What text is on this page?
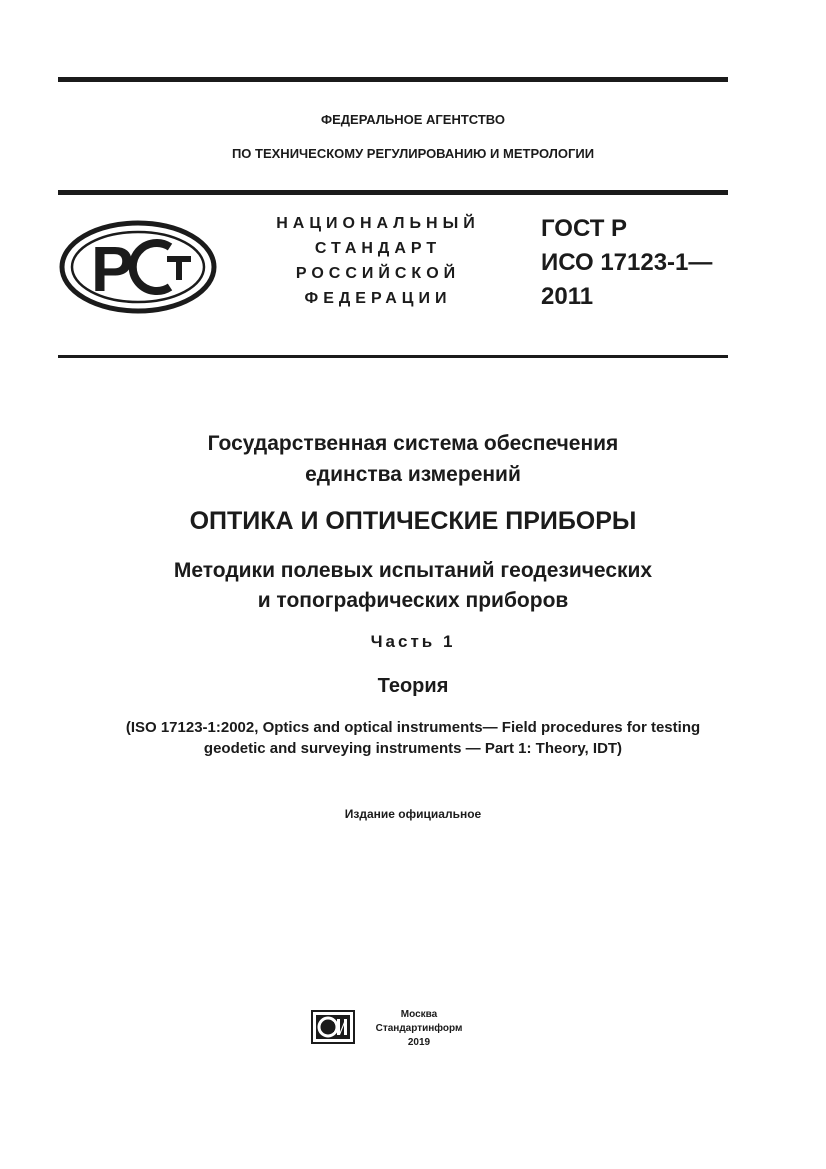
ФЕДЕРАЛЬНОЕ АГЕНТСТВО
ПО ТЕХНИЧЕСКОМУ РЕГУЛИРОВАНИЮ И МЕТРОЛОГИИ
Р
НАЦИОНАЛЬНЫЙ
СТАНДАРТ
РОССИЙСКОЙ
ФЕДЕРАЦИИ
ГОСТ Р
ИСО 17123-1—
2011
Государственная система обеспечения
единства измерений
ОПТИКА И ОПТИЧЕСКИЕ ПРИБОРЫ
Методики полевых испытаний геодезических
и топографических приборов
Часть 1
Теория
(ISO 17123-1:2002, Optics and optical instruments— Field procedures for testing
geodetic and surveying instruments — Part 1: Theory, IDT)
Издание официальное
Москва
Стандартинформ
2019
